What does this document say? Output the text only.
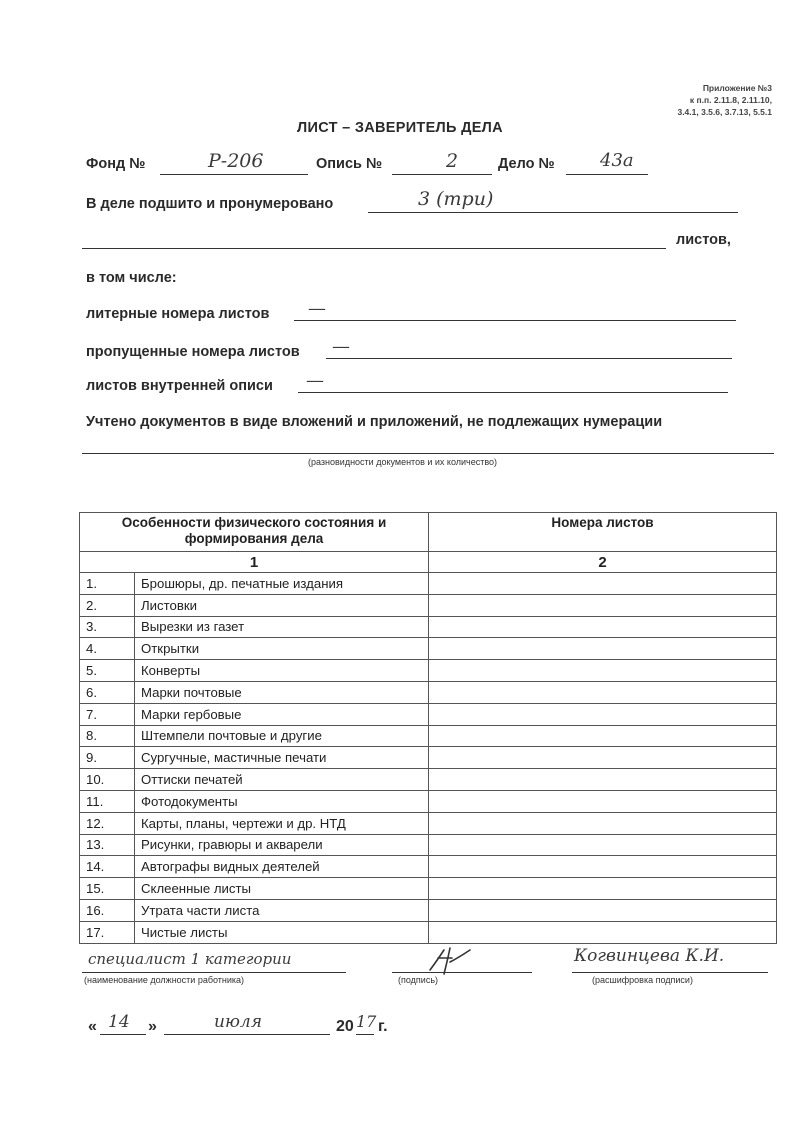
Приложение №3
к п.п. 2.11.8, 2.11.10,
3.4.1, 3.5.6, 3.7.13, 5.5.1
ЛИСТ – ЗАВЕРИТЕЛЬ ДЕЛА
Фонд №	Р-206	Опись №	2	Дело №	43а
В деле подшито и пронумеровано	3 (три)
листов,
в том числе:
литерные номера листов —
пропущенные номера листов —
листов внутренней описи —
Учтено документов в виде вложений и приложений, не подлежащих нумерации
(разновидности документов и их количество)
Особенности физического состояния и формирования дела		Номера листов
1		2
1.	Брошюры, др. печатные издания	
2.	Листовки	
3.	Вырезки из газет	
4.	Открытки	
5.	Конверты	
6.	Марки почтовые	
7.	Марки гербовые	
8.	Штемпели почтовые и другие	
9.	Сургучные, мастичные печати	
10.	Оттиски печатей	
11.	Фотодокументы	
12.	Карты, планы, чертежи и др. НТД	
13.	Рисунки, гравюры и акварели	
14.	Автографы видных деятелей	
15.	Склеенные листы	
16.	Утрата части листа	
17.	Чистые листы	
специалист 1 категории
(наименование должности работника)	(подпись)
Когвинцева К.И.
(расшифровка подписи)
« 14 »	июля	20 17 г.
